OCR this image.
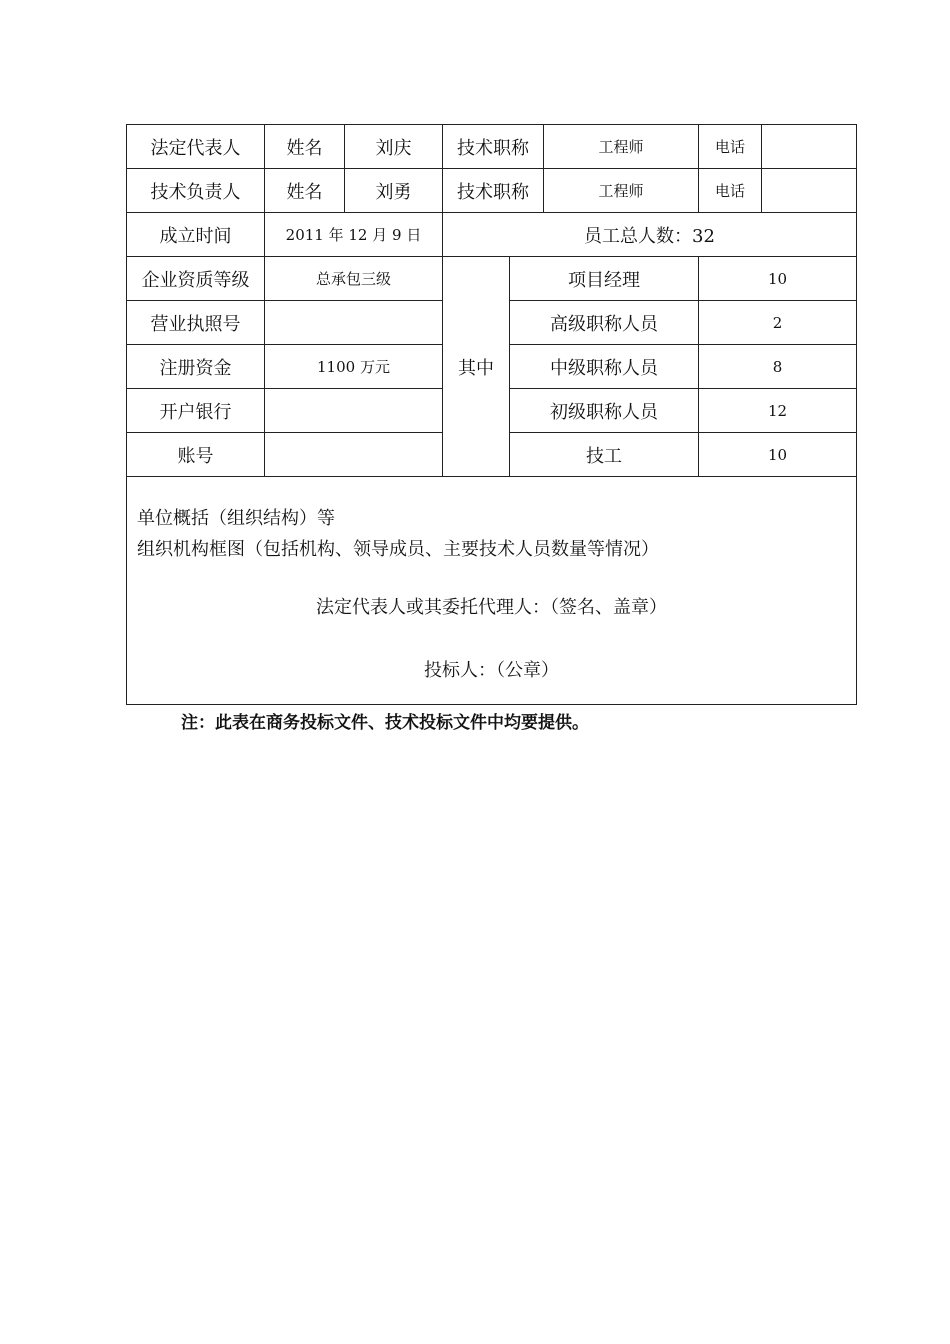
法定代表人	姓名	刘庆	技术职称		工程师	电话	
技术负责人	姓名	刘勇	技术职称		工程师	电话	
成立时间	2011 年 12 月 9 日		员工总人数：32				
企业资质等级	总承包三级		其中	项目经理		10	
营业执照号				高级职称人员		2	
注册资金	1100 万元			中级职称人员		8	
开户银行				初级职称人员		12	
账号				技工		10	

单位概括（组织结构）等
组织机构框图（包括机构、领导成员、主要技术人员数量等情况）
法定代表人或其委托代理人：（签名、盖章）
投标人：（公章）							
注：此表在商务投标文件、技术投标文件中均要提供。
